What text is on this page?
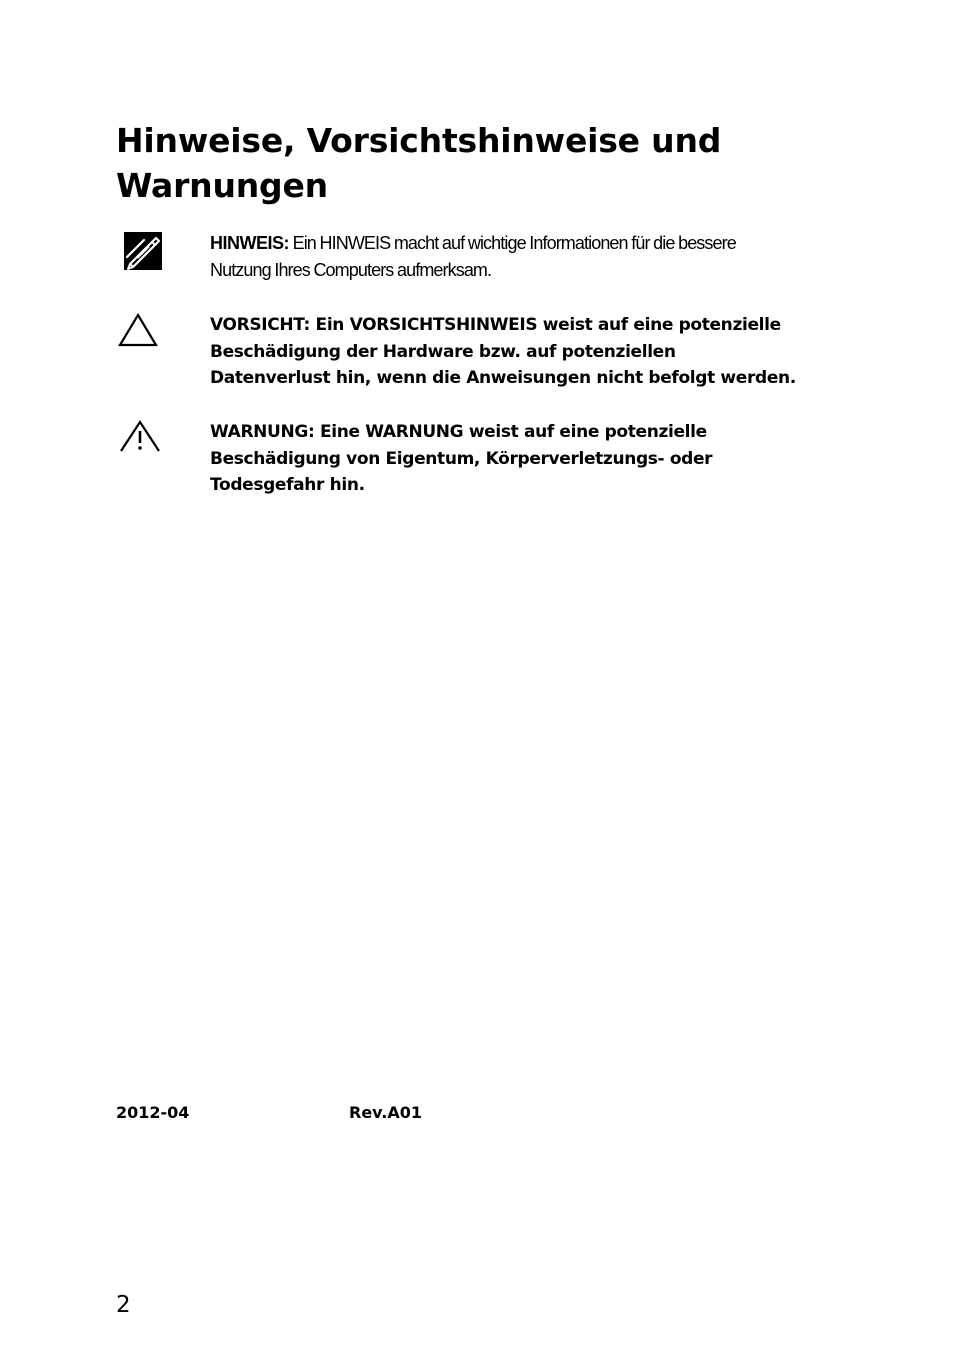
Hinweise, Vorsichtshinweise und Warnungen
HINWEIS: Ein HINWEIS macht auf wichtige Informationen für die bessere Nutzung Ihres Computers aufmerksam.
VORSICHT: Ein VORSICHTSHINWEIS weist auf eine potenzielle Beschädigung der Hardware bzw. auf potenziellen Datenverlust hin, wenn die Anweisungen nicht befolgt werden.
WARNUNG: Eine WARNUNG weist auf eine potenzielle Beschädigung von Eigentum, Körperverletzungs- oder Todesgefahr hin.
2012-04	Rev.A01
2
